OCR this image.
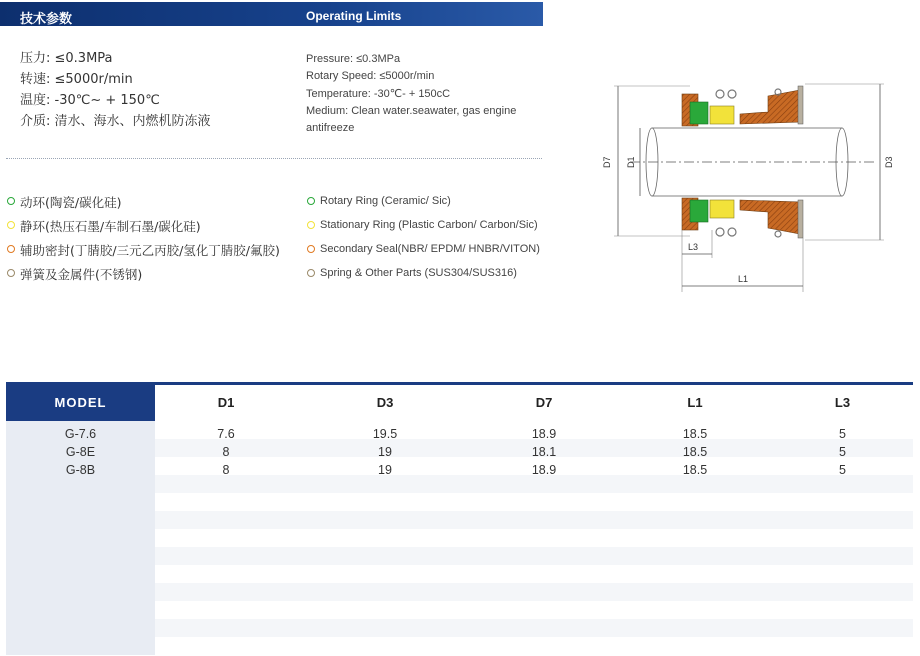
技术参数	Operating Limits
压力: ≤0.3MPa
转速: ≤5000r/min
温度: -30℃~ + 150℃
介质: 清水、海水、内燃机防冻液
Pressure: ≤0.3MPa
Rotary Speed: ≤5000r/min
Temperature: -30℃- + 150cC
Medium: Clean water.seawater, gas engine
antifreeze
动环(陶瓷/碳化硅)	Rotary Ring (Ceramic/ Sic)
静环(热压石墨/车制石墨/碳化硅)	Stationary Ring (Plastic Carbon/ Carbon/Sic)
辅助密封(丁腈胶/三元乙丙胶/氢化丁腈胶/氟胶)	Secondary Seal(NBR/ EPDM/ HNBR/VITON)
弹簧及金属件(不锈钢)	Spring & Other Parts (SUS304/SUS316)
D7 D1	D3
L3
L1
MODEL	D1	D3	D7	L1	L3
G-7.6	7.6	19.5	18.9	18.5	5
G-8E	8	19	18.1	18.5	5
G-8B	8	19	18.9	18.5	5
